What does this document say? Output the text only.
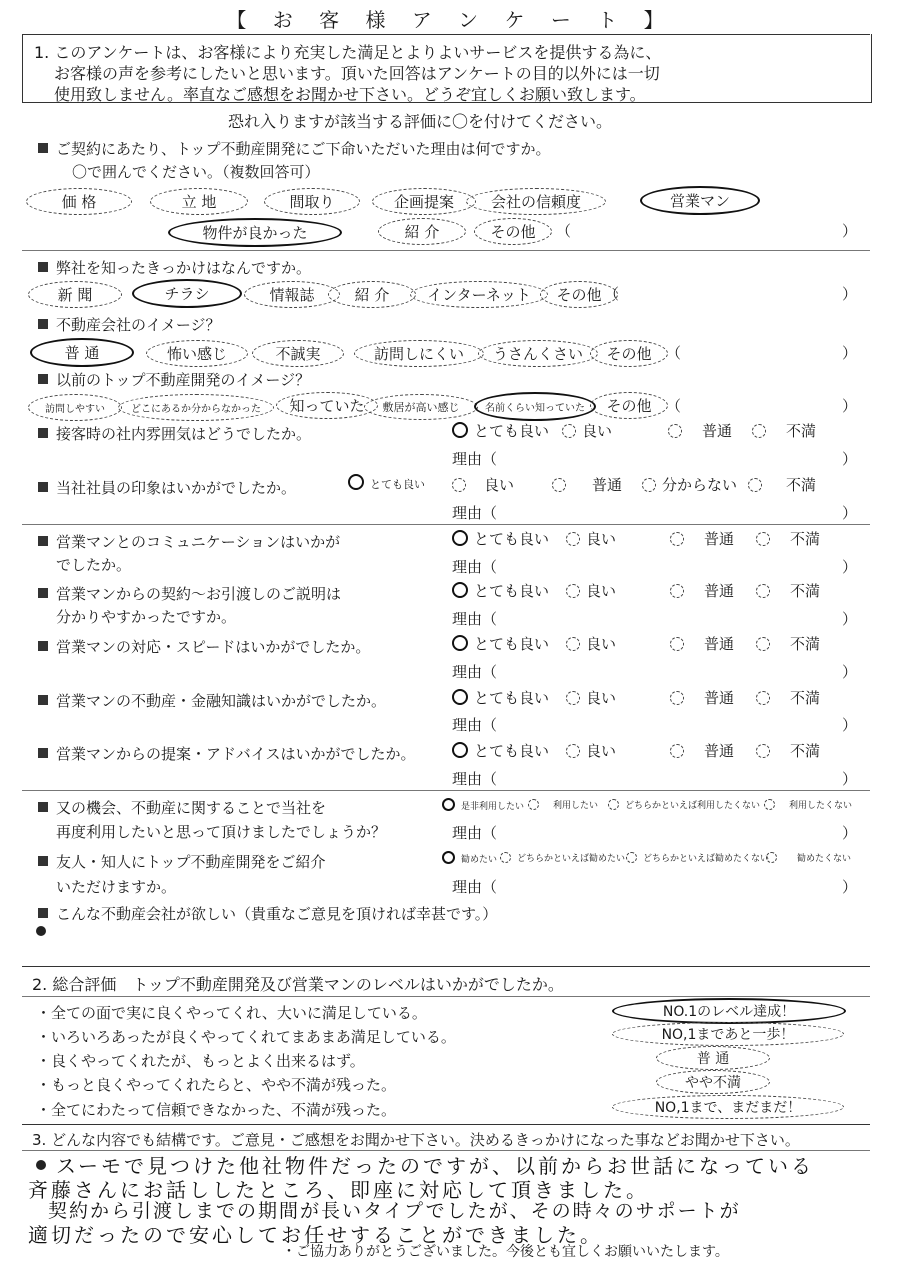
【 お 客 様 ア ン ケ ー ト 】
1. このアンケートは、お客様により充実した満足とよりよいサービスを提供する為に、
お客様の声を参考にしたいと思います。頂いた回答はアンケートの目的以外には一切
使用致しません。率直なご感想をお聞かせ下さい。どうぞ宜しくお願い致します。
恐れ入りますが該当する評価に〇を付けてください。
ご契約にあたり、トップ不動産開発にご下命いただいた理由は何ですか。
〇で囲んでください。（複数回答可）
価 格	立 地	間取り	企画提案	会社の信頼度	営業マン
物件が良かった	紹 介	その他	（	）
弊社を知ったきっかけはなんですか。
新 聞	チラシ	情報誌	紹 介	インターネット	その他 （	）
不動産会社のイメージ？
普 通	怖い感じ	不誠実	訪問しにくい	うさんくさい	その他 （	）
以前のトップ不動産開発のイメージ？
訪問しやすい	どこにあるか分からなかった	知っていた	敷居が高い感じ	名前くらい知っていた	その他 （	）
接客時の社内雰囲気はどうでしたか。	とても良い	良い	普通	不満
理由（	）
当社社員の印象はいかがでしたか。	とても良い	良い	普通	分からない	不満
理由（	）
営業マンとのコミュニケーションはいかが
でしたか。
とても良い	良い	普通	不満
理由（	）
営業マンからの契約～お引渡しのご説明は
分かりやすかったですか。
とても良い	良い	普通	不満
理由（	）
営業マンの対応・スピードはいかがでしたか。	とても良い	良い	普通	不満
理由（	）
営業マンの不動産・金融知識はいかがでしたか。	とても良い	良い	普通	不満
理由（	）
営業マンからの提案・アドバイスはいかがでしたか。	とても良い	良い	普通	不満
理由（	）
又の機会、不動産に関することで当社を
再度利用したいと思って頂けましたでしょうか？
是非利用したい	利用したい	どちらかといえば利用したくない	利用したくない
理由（	）
友人・知人にトップ不動産開発をご紹介
いただけますか。
勧めたい	どちらかといえば勧めたい	どちらかといえば勧めたくない	勧めたくない
理由（	）
こんな不動産会社が欲しい（貴重なご意見を頂ければ幸甚です。）
2. 総合評価　トップ不動産開発及び営業マンのレベルはいかがでしたか。
・全ての面で実に良くやってくれ、大いに満足している。	NO.1のレベル達成！
・いろいろあったが良くやってくれてまあまあ満足している。	NO,1まであと一歩！
・良くやってくれたが、もっとよく出来るはず。	普 通
・もっと良くやってくれたらと、やや不満が残った。	やや不満
・全てにわたって信頼できなかった、不満が残った。	NO,1まで、まだまだ！
3. どんな内容でも結構です。ご意見・ご感想をお聞かせ下さい。決めるきっかけになった事などお聞かせ下さい。
スーモで見つけた他社物件だったのですが、以前からお世話になっている
斉藤さんにお話ししたところ、即座に対応して頂きました。
契約から引渡しまでの期間が長いタイプでしたが、その時々のサポートが
適切だったので安心してお任せすることができました。
・ご協力ありがとうございました。今後とも宜しくお願いいたします。
